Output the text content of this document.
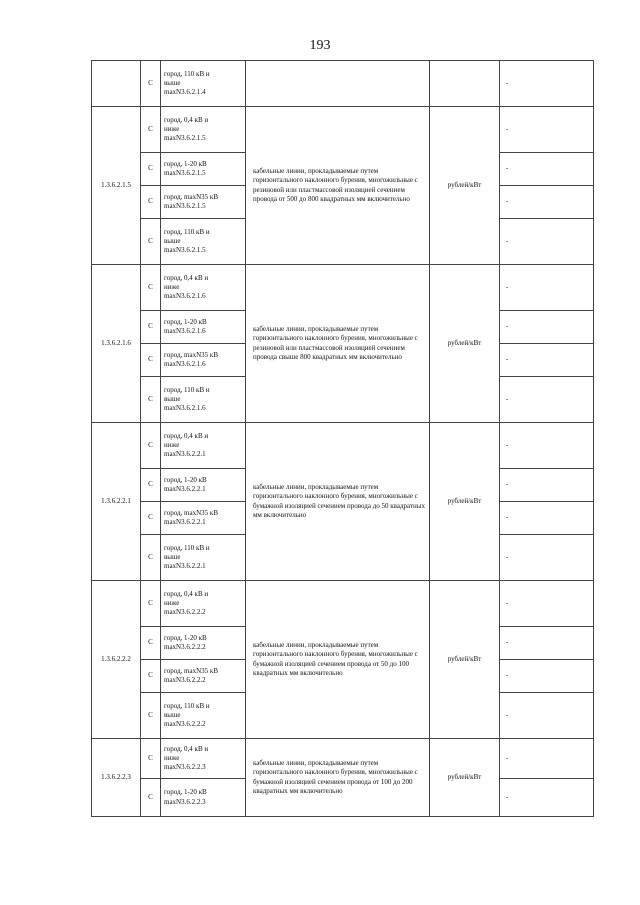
193
	С	город, 110 кВ и
выше
maxN3.6.2.1.4			-
1.3.6.2.1.5	С	город, 0,4 кВ и
ниже
maxN3.6.2.1.5	кабельные линии, прокладываемые путем горизонтального наклонного бурения, многожильные с резиновой или пластмассовой изоляцией сечением провода от 500 до 800 квадратных мм включительно	рублей/кВт	-
	С	город, 1-20 кВ
maxN3.6.2.1.5			-
	С	город, maxN35 кВ
maxN3.6.2.1.5			-
	С	город, 110 кВ и
выше
maxN3.6.2.1.5			-
1.3.6.2.1.6	С	город, 0,4 кВ и
ниже
maxN3.6.2.1.6	кабельные линии, прокладываемые путем горизонтального наклонного бурения, многожильные с резиновой или пластмассовой изоляцией сечением провода свыше 800 квадратных мм включительно	рублей/кВт	-
	С	город, 1-20 кВ
maxN3.6.2.1.6			-
	С	город, maxN35 кВ
maxN3.6.2.1.6			-
	С	город, 110 кВ и
выше
maxN3.6.2.1.6			-
1.3.6.2.2.1	С	город, 0,4 кВ и
ниже
maxN3.6.2.2.1	кабельные линии, прокладываемые путем горизонтального наклонного бурения, многожильные с бумажной изоляцией сечением провода до 50 квадратных мм включительно	рублей/кВт	-
	С	город, 1-20 кВ
maxN3.6.2.2.1			-
	С	город, maxN35 кВ
maxN3.6.2.2.1			-
	С	город, 110 кВ и
выше
maxN3.6.2.2.1			-
1.3.6.2.2.2	С	город, 0,4 кВ и
ниже
maxN3.6.2.2.2	кабельные линии, прокладываемые путем горизонтального наклонного бурения, многожильные с бумажной изоляцией сечением провода от 50 до 100 квадратных мм включительно	рублей/кВт	-
	С	город, 1-20 кВ
maxN3.6.2.2.2			-
	С	город, maxN35 кВ
maxN3.6.2.2.2			-
	С	город, 110 кВ и
выше
maxN3.6.2.2.2			-
1.3.6.2.2.3	С	город, 0,4 кВ и
ниже
maxN3.6.2.2.3	кабельные линии, прокладываемые путем горизонтального наклонного бурения, многожильные с бумажной изоляцией сечением провода от 100 до 200 квадратных мм включительно	рублей/кВт	-
	С	город, 1-20 кВ
maxN3.6.2.2.3			-
